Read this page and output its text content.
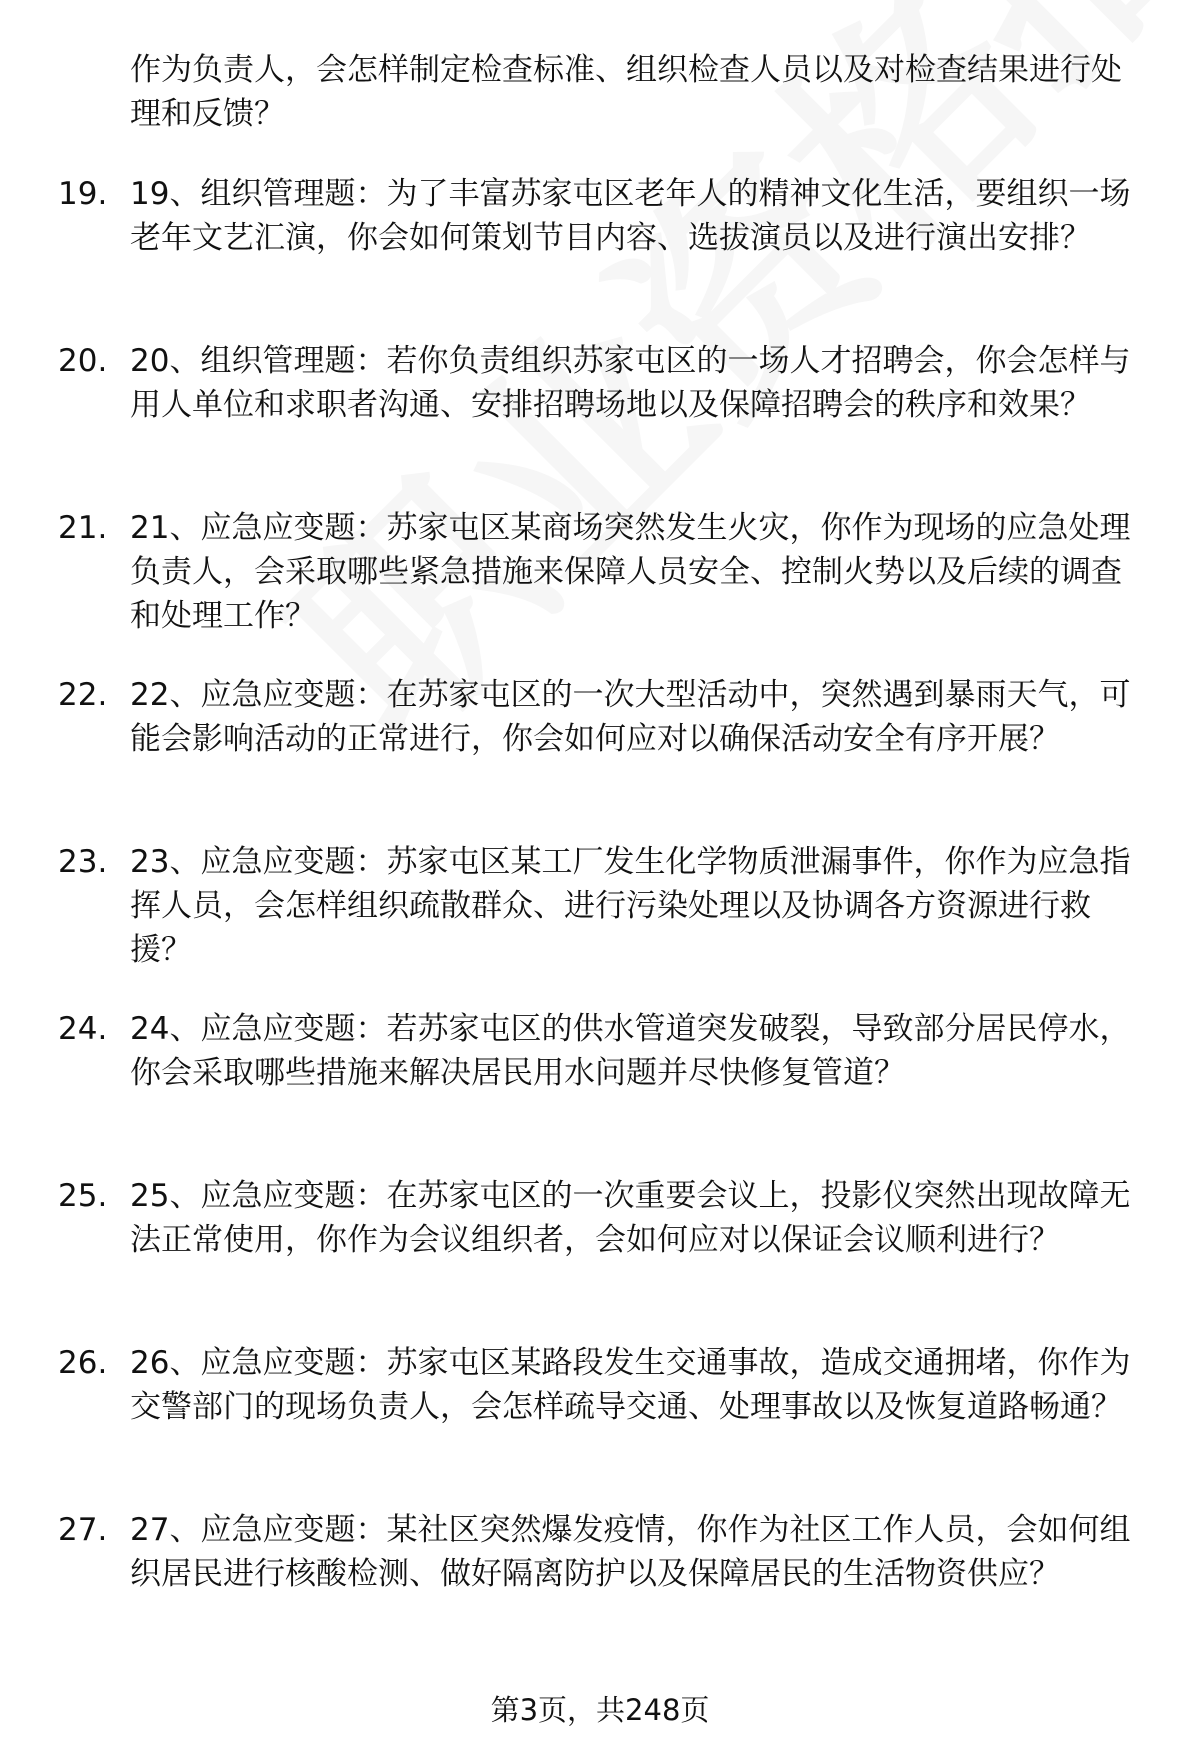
作为负责人，会怎样制定检查标准、组织检查人员以及对检查结果进行处理和反馈？
19. 19、组织管理题：为了丰富苏家屯区老年人的精神文化生活，要组织一场老年文艺汇演，你会如何策划节目内容、选拔演员以及进行演出安排？
20. 20、组织管理题：若你负责组织苏家屯区的一场人才招聘会，你会怎样与用人单位和求职者沟通、安排招聘场地以及保障招聘会的秩序和效果？
21. 21、应急应变题：苏家屯区某商场突然发生火灾，你作为现场的应急处理负责人，会采取哪些紧急措施来保障人员安全、控制火势以及后续的调查和处理工作？
22. 22、应急应变题：在苏家屯区的一次大型活动中，突然遇到暴雨天气，可能会影响活动的正常进行，你会如何应对以确保活动安全有序开展？
23. 23、应急应变题：苏家屯区某工厂发生化学物质泄漏事件，你作为应急指挥人员，会怎样组织疏散群众、进行污染处理以及协调各方资源进行救援？
24. 24、应急应变题：若苏家屯区的供水管道突发破裂，导致部分居民停水，你会采取哪些措施来解决居民用水问题并尽快修复管道？
25. 25、应急应变题：在苏家屯区的一次重要会议上，投影仪突然出现故障无法正常使用，你作为会议组织者，会如何应对以保证会议顺利进行？
26. 26、应急应变题：苏家屯区某路段发生交通事故，造成交通拥堵，你作为交警部门的现场负责人，会怎样疏导交通、处理事故以及恢复道路畅通？
27. 27、应急应变题：某社区突然爆发疫情，你作为社区工作人员，会如何组织居民进行核酸检测、做好隔离防护以及保障居民的生活物资供应？
第3页，共248页
